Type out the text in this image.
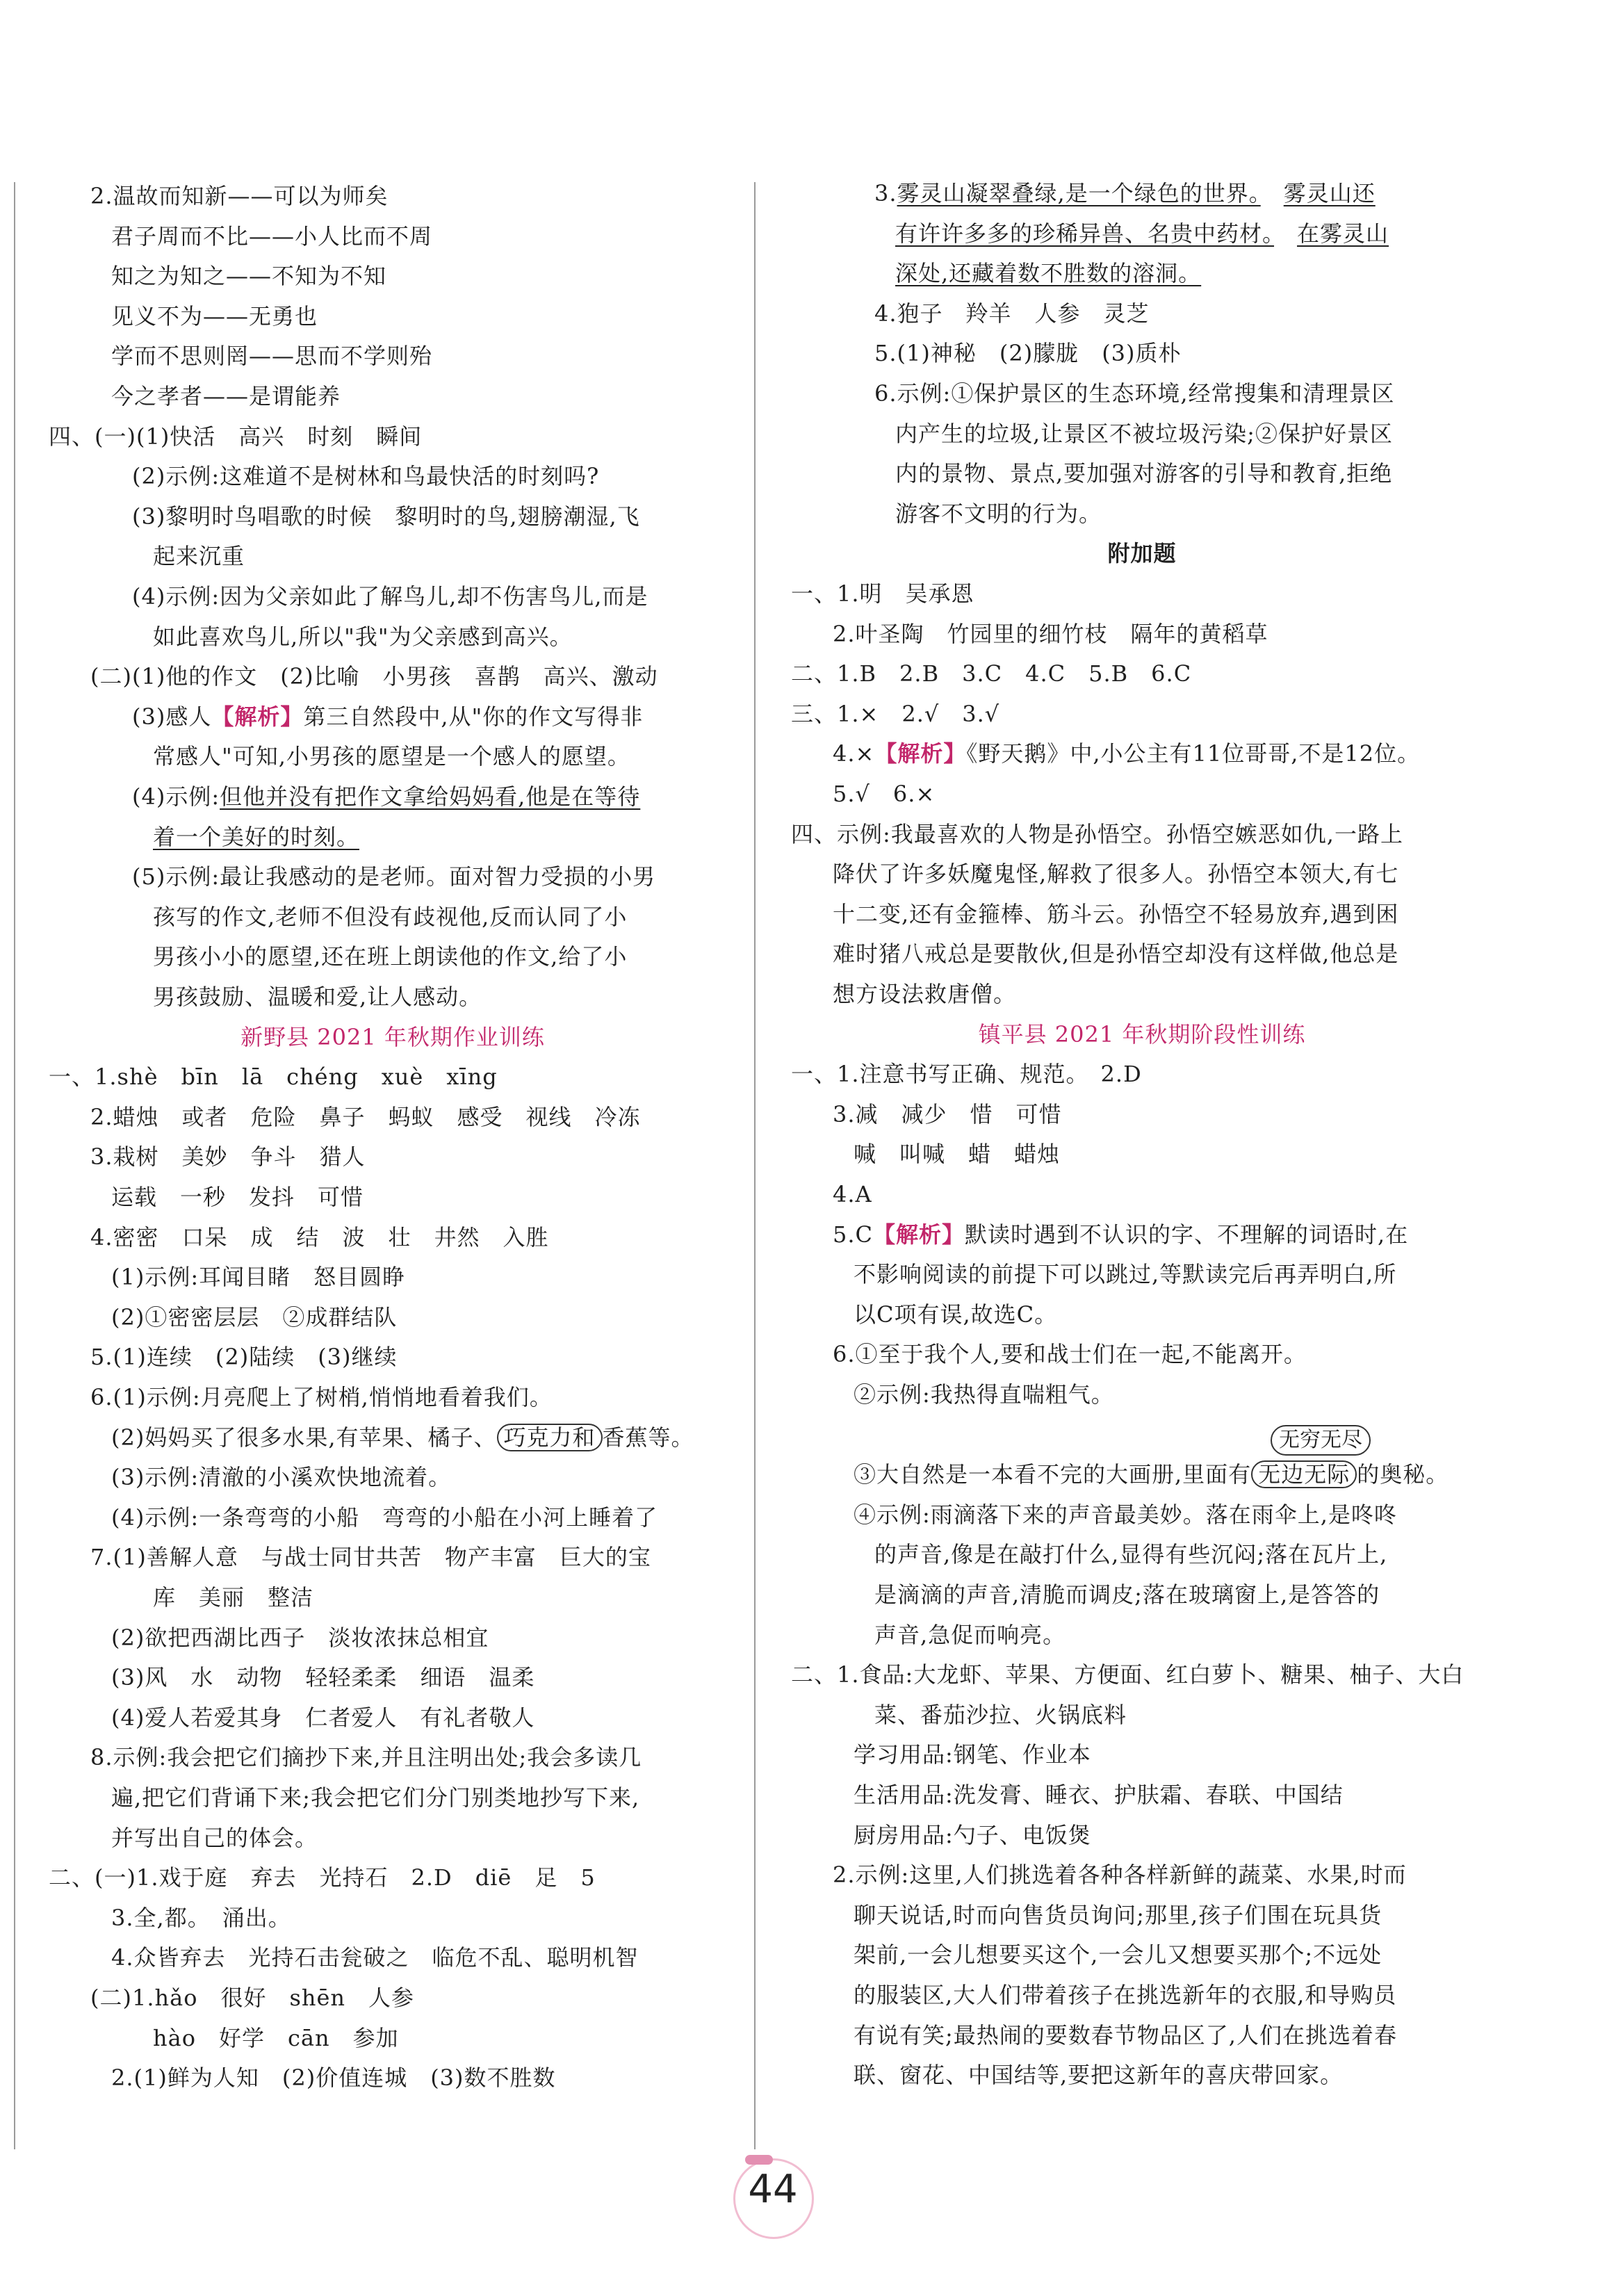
2.温故而知新——可以为师矣
君子周而不比——小人比而不周
知之为知之——不知为不知
见义不为——无勇也
学而不思则罔——思而不学则殆
今之孝者——是谓能养
四、(一)(1)快活　高兴　时刻　瞬间
(2)示例:这难道不是树林和鸟最快活的时刻吗?
(3)黎明时鸟唱歌的时候　黎明时的鸟,翅膀潮湿,飞
起来沉重
(4)示例:因为父亲如此了解鸟儿,却不伤害鸟儿,而是
如此喜欢鸟儿,所以"我"为父亲感到高兴。
(二)(1)他的作文　(2)比喻　小男孩　喜鹊　高兴、激动
(3)感人【解析】第三自然段中,从"你的作文写得非
常感人"可知,小男孩的愿望是一个感人的愿望。
(4)示例:但他并没有把作文拿给妈妈看,他是在等待
着一个美好的时刻。
(5)示例:最让我感动的是老师。面对智力受损的小男
孩写的作文,老师不但没有歧视他,反而认同了小
男孩小小的愿望,还在班上朗读他的作文,给了小
男孩鼓励、温暖和爱,让人感动。
新野县 2021 年秋期作业训练
一、1.shè　bīn　lā　chéng　xuè　xīng
2.蜡烛　或者　危险　鼻子　蚂蚁　感受　视线　冷冻
3.栽树　美妙　争斗　猎人
运载　一秒　发抖　可惜
4.密密　口呆　成　结　波　壮　井然　入胜
(1)示例:耳闻目睹　怒目圆睁
(2)①密密层层　②成群结队
5.(1)连续　(2)陆续　(3)继续
6.(1)示例:月亮爬上了树梢,悄悄地看着我们。
(2)妈妈买了很多水果,有苹果、橘子、 巧克力和 香蕉等。
(3)示例:清澈的小溪欢快地流着。
(4)示例:一条弯弯的小船　弯弯的小船在小河上睡着了
7.(1)善解人意　与战士同甘共苦　物产丰富　巨大的宝
库　美丽　整洁
(2)欲把西湖比西子　淡妆浓抹总相宜
(3)风　水　动物　轻轻柔柔　细语　温柔
(4)爱人若爱其身　仁者爱人　有礼者敬人
8.示例:我会把它们摘抄下来,并且注明出处;我会多读几
遍,把它们背诵下来;我会把它们分门别类地抄写下来,
并写出自己的体会。
二、(一)1.戏于庭　弃去　光持石　2.D　diē　足　5
3.全,都。　涌出。
4.众皆弃去　光持石击瓮破之　临危不乱、聪明机智
(二)1.hǎo　很好　shēn　人参
hào　好学　cān　参加
2.(1)鲜为人知　(2)价值连城　(3)数不胜数
3.雾灵山凝翠叠绿,是一个绿色的世界。　 雾灵山还
有许许多多的珍稀异兽、名贵中药材。　 在雾灵山
深处,还藏着数不胜数的溶洞。
4.狍子　羚羊　人参　灵芝
5.(1)神秘　(2)朦胧　(3)质朴
6.示例:①保护景区的生态环境,经常搜集和清理景区
内产生的垃圾,让景区不被垃圾污染;②保护好景区
内的景物、景点,要加强对游客的引导和教育,拒绝
游客不文明的行为。
附加题
一、1.明　吴承恩
2.叶圣陶　竹园里的细竹枝　隔年的黄稻草
二、1.B　2.B　3.C　4.C　5.B　6.C
三、1.×　2.√　3.√
4.×【解析】《野天鹅》中,小公主有11位哥哥,不是12位。
5.√　6.×
四、示例:我最喜欢的人物是孙悟空。孙悟空嫉恶如仇,一路上
降伏了许多妖魔鬼怪,解救了很多人。孙悟空本领大,有七
十二变,还有金箍棒、筋斗云。孙悟空不轻易放弃,遇到困
难时猪八戒总是要散伙,但是孙悟空却没有这样做,他总是
想方设法救唐僧。
镇平县 2021 年秋期阶段性训练
一、1.注意书写正确、规范。　2.D
3.减　减少　惜　可惜
喊　叫喊　蜡　蜡烛
4.A
5.C【解析】默读时遇到不认识的字、不理解的词语时,在
不影响阅读的前提下可以跳过,等默读完后再弄明白,所
以C项有误,故选C。
6.①至于我个人,要和战士们在一起,不能离开。
②示例:我热得直喘粗气。
③大自然是一本看不完的大画册,里面有 无边无际 的奥秘。
④示例:雨滴落下来的声音最美妙。落在雨伞上,是咚咚
的声音,像是在敲打什么,显得有些沉闷;落在瓦片上,
是滴滴的声音,清脆而调皮;落在玻璃窗上,是答答的
声音,急促而响亮。
二、1.食品:大龙虾、苹果、方便面、红白萝卜、糖果、柚子、大白
菜、番茄沙拉、火锅底料
学习用品:钢笔、作业本
生活用品:洗发膏、睡衣、护肤霜、春联、中国结
厨房用品:勺子、电饭煲
2.示例:这里,人们挑选着各种各样新鲜的蔬菜、水果,时而
聊天说话,时而向售货员询问;那里,孩子们围在玩具货
架前,一会儿想要买这个,一会儿又想要买那个;不远处
的服装区,大人们带着孩子在挑选新年的衣服,和导购员
有说有笑;最热闹的要数春节物品区了,人们在挑选着春
联、窗花、中国结等,要把这新年的喜庆带回家。
无穷无尽
44
